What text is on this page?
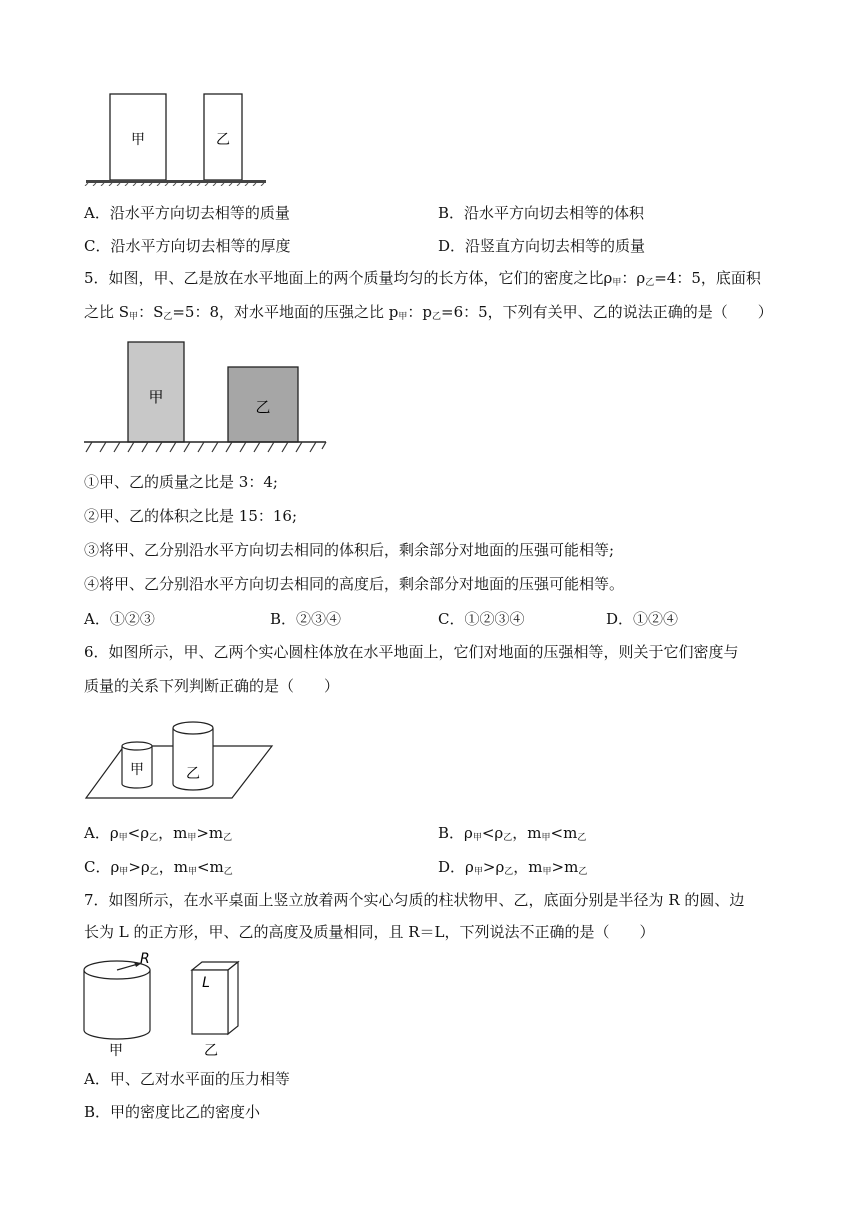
甲	乙
A．沿水平方向切去相等的质量	B．沿水平方向切去相等的体积
C．沿水平方向切去相等的厚度	D．沿竖直方向切去相等的质量
5．如图，甲、乙是放在水平地面上的两个质量均匀的长方体，它们的密度之比$\rho_甲$：$\rho_乙=4$：5，底面积
之比 $S_甲$：$S_乙=5$：8，对水平地面的压强之比 $p_甲$：$p_乙=6$：5，下列有关甲、乙的说法正确的是（　　）
甲
乙
①甲、乙的质量之比是 3：4;
②甲、乙的体积之比是 15：16;
③将甲、乙分别沿水平方向切去相同的体积后，剩余部分对地面的压强可能相等;
④将甲、乙分别沿水平方向切去相同的高度后，剩余部分对地面的压强可能相等。
A．①②③	B．②③④	C．①②③④	D．①②④
6．如图所示，甲、乙两个实心圆柱体放在水平地面上，它们对地面的压强相等，则关于它们密度与
质量的关系下列判断正确的是（　　）
甲	乙
A．$\rho_甲<\rho_乙$，$m_甲>m_乙$	B．$\rho_甲<\rho_乙$，$m_甲<m_乙$
C．$\rho_甲>\rho_乙$，$m_甲<m_乙$	D．$\rho_甲>\rho_乙$，$m_甲>m_乙$
7．如图所示，在水平桌面上竖立放着两个实心匀质的柱状物甲、乙，底面分别是半径为 R 的圆、边
长为 L 的正方形，甲、乙的高度及质量相同，且 R＝L，下列说法不正确的是（　　）
R
甲
L
乙
A．甲、乙对水平面的压力相等
B．甲的密度比乙的密度小
